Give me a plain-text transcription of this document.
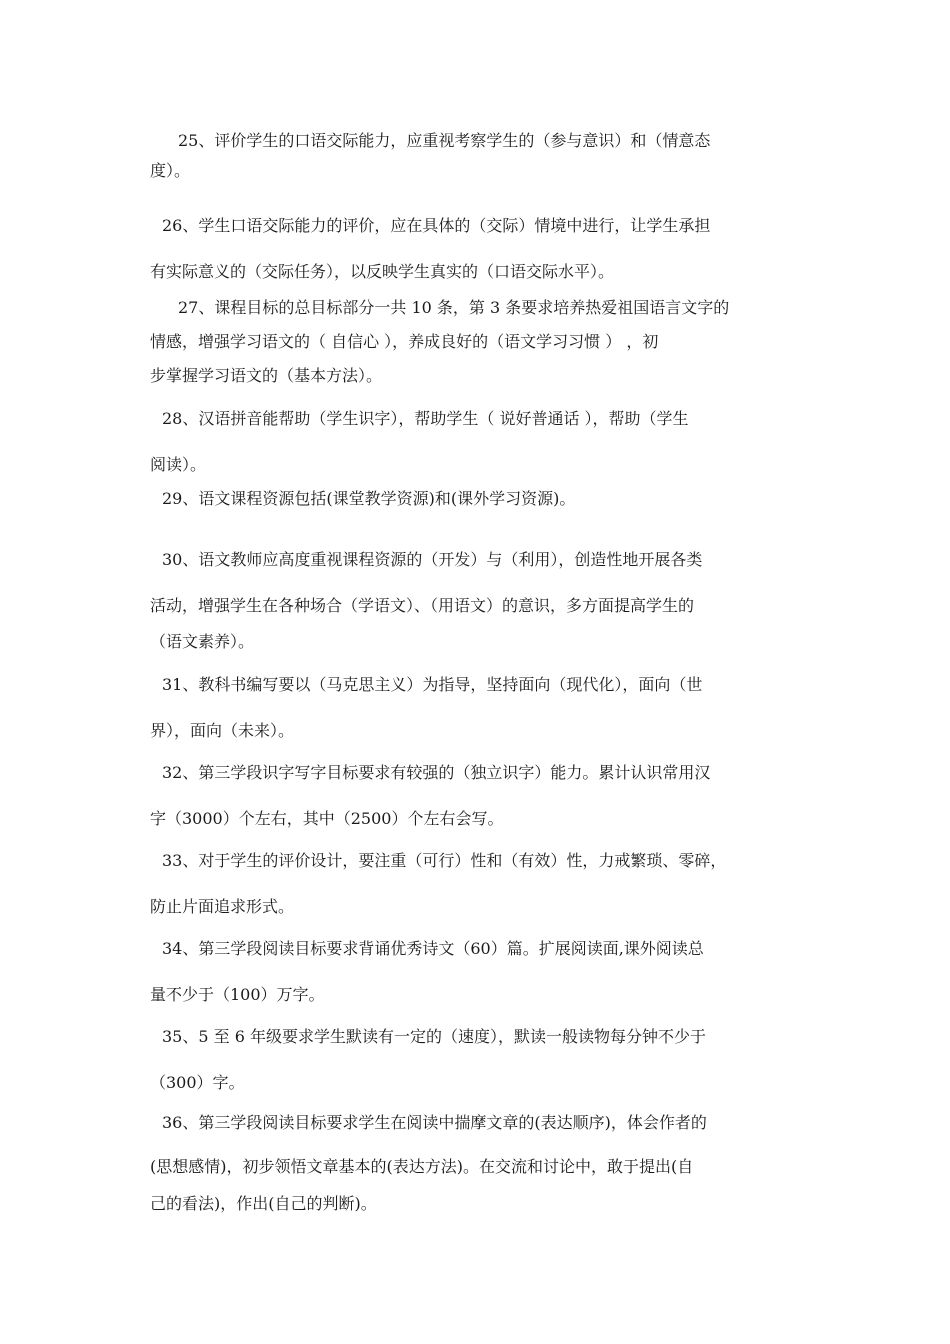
25、评价学生的口语交际能力，应重视考察学生的（参与意识）和（情意态
度）。
26、学生口语交际能力的评价，应在具体的（交际）情境中进行，让学生承担
有实际意义的（交际任务），以反映学生真实的（口语交际水平）。
27、课程目标的总目标部分一共 10 条，第 3 条要求培养热爱祖国语言文字的
情感，增强学习语文的（ 自信心 ），养成良好的（语文学习习惯 ） ，初
步掌握学习语文的（基本方法）。
28、汉语拼音能帮助（学生识字），帮助学生（ 说好普通话 ），帮助（学生
阅读）。
29、语文课程资源包括(课堂教学资源)和(课外学习资源)。
30、语文教师应高度重视课程资源的（开发）与（利用），创造性地开展各类
活动，增强学生在各种场合（学语文）、（用语文）的意识，多方面提高学生的
（语文素养）。
31、教科书编写要以（马克思主义）为指导，坚持面向（现代化），面向（世
界），面向（未来）。
32、第三学段识字写字目标要求有较强的（独立识字）能力。累计认识常用汉
字（3000）个左右，其中（2500）个左右会写。
33、对于学生的评价设计，要注重（可行）性和（有效）性，力戒繁琐、零碎，
防止片面追求形式。
34、第三学段阅读目标要求背诵优秀诗文（60）篇。扩展阅读面,课外阅读总
量不少于（100）万字。
35、5 至 6 年级要求学生默读有一定的（速度），默读一般读物每分钟不少于
（300）字。
36、第三学段阅读目标要求学生在阅读中揣摩文章的(表达顺序)，体会作者的
(思想感情)，初步领悟文章基本的(表达方法)。在交流和讨论中，敢于提出(自
己的看法)，作出(自己的判断)。
